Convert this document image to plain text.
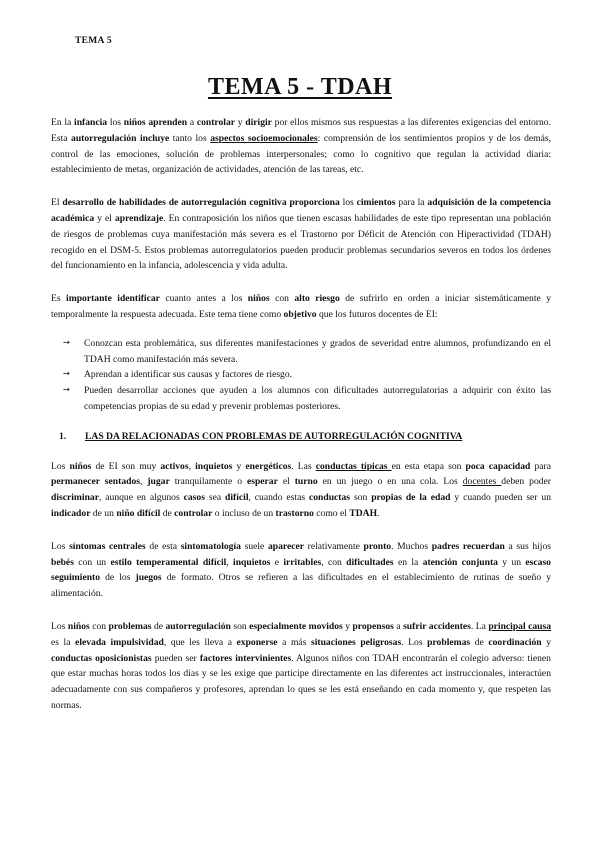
TEMA 5
TEMA 5 - TDAH

En la infancia los niños aprenden a controlar y dirigir por ellos mismos sus respuestas a las diferentes exigencias del entorno. Esta autorregulación incluye tanto los aspectos socioemocionales: comprensión de los sentimientos propios y de los demás, control de las emociones, solución de problemas interpersonales; como lo cognitivo que regulan la actividad diaria: establecimiento de metas, organización de actividades, atención de las tareas, etc.

El desarrollo de habilidades de autorregulación cognitiva proporciona los cimientos para la adquisición de la competencia académica y el aprendizaje. En contraposición los niños que tienen escasas habilidades de este tipo representan una población de riesgos de problemas cuya manifestación más severa es el Trastorno por Déficit de Atención con Hiperactividad (TDAH) recogido en el DSM-5. Estos problemas autorregulatorios pueden producir problemas secundarios severos en todos los órdenes del funcionamiento en la infancia, adolescencia y vida adulta.

Es importante identificar cuanto antes a los niños con alto riesgo de sufrirlo en orden a iniciar sistemáticamente y temporalmente la respuesta adecuada. Este tema tiene como objetivo que los futuros docentes de EI:

➙ Conozcan esta problemática, sus diferentes manifestaciones y grados de severidad entre alumnos, profundizando en el TDAH como manifestación más severa.
➙ Aprendan a identificar sus causas y factores de riesgo.
➙ Pueden desarrollar acciones que ayuden a los alumnos con dificultades autorregulatorias a adquirir con éxito las competencias propias de su edad y prevenir problemas posteriores.
1. LAS DA RELACIONADAS CON PROBLEMAS DE AUTORREGULACIÓN COGNITIVA

Los niños de EI son muy activos, inquietos y energéticos. Las conductas típicas en esta etapa son poca capacidad para permanecer sentados, jugar tranquilamente o esperar el turno en un juego o en una cola. Los docentes deben poder discriminar, aunque en algunos casos sea difícil, cuando estas conductas son propias de la edad y cuando pueden ser un indicador de un niño difícil de controlar o incluso de un trastorno como el TDAH.

Los síntomas centrales de esta sintomatología suele aparecer relativamente pronto. Muchos padres recuerdan a sus hijos bebés con un estilo temperamental difícil, inquietos e irritables, con dificultades en la atención conjunta y un escaso seguimiento de los juegos de formato. Otros se refieren a las dificultades en el establecimiento de rutinas de sueño y alimentación.

Los niños con problemas de autorregulación son especialmente movidos y propensos a sufrir accidentes. La principal causa es la elevada impulsividad, que les lleva a exponerse a más situaciones peligrosas. Los problemas de coordinación y conductas oposicionistas pueden ser factores intervinientes. Algunos niños con TDAH encontrarán el colegio adverso: tienen que estar muchas horas todos los días y se les exige que participe directamente en las diferentes act instruccionales, interactúen adecuadamente con sus compañeros y profesores, aprendan lo ques se les está enseñando en cada momento y, que respeten las normas.
